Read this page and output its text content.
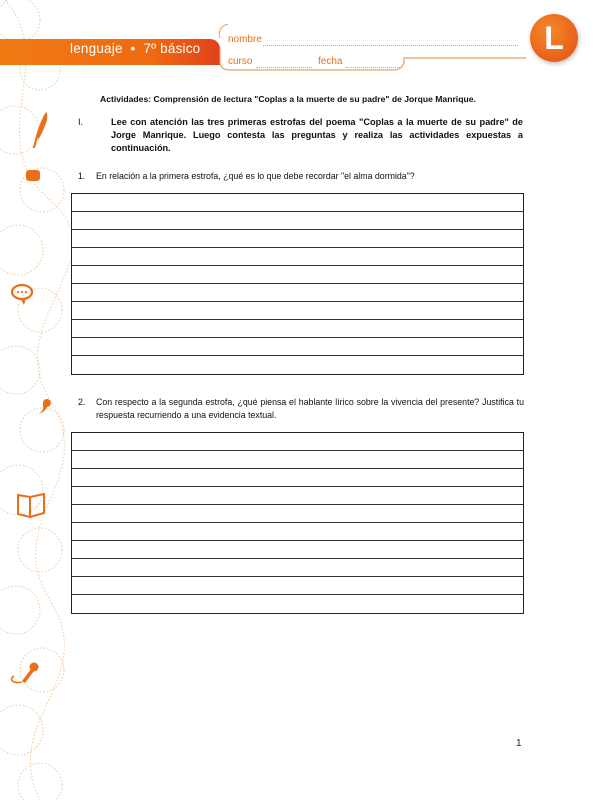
lenguaje  •  7º básico
nombre
curso	fecha
L
Actividades: Comprensión de lectura "Coplas a la muerte de su padre" de Jorque Manrique.
I.	Lee con atención las tres primeras estrofas del poema "Coplas a la muerte de su padre" de Jorge Manrique. Luego contesta las preguntas y realiza las actividades expuestas a continuación.
1. En relación a la primera estrofa, ¿qué es lo que debe recordar "el alma dormida"?
2. Con respecto a la segunda estrofa, ¿qué piensa el hablante lírico sobre la vivencia del presente? Justifica tu respuesta recurriendo a una evidencia textual.
1
